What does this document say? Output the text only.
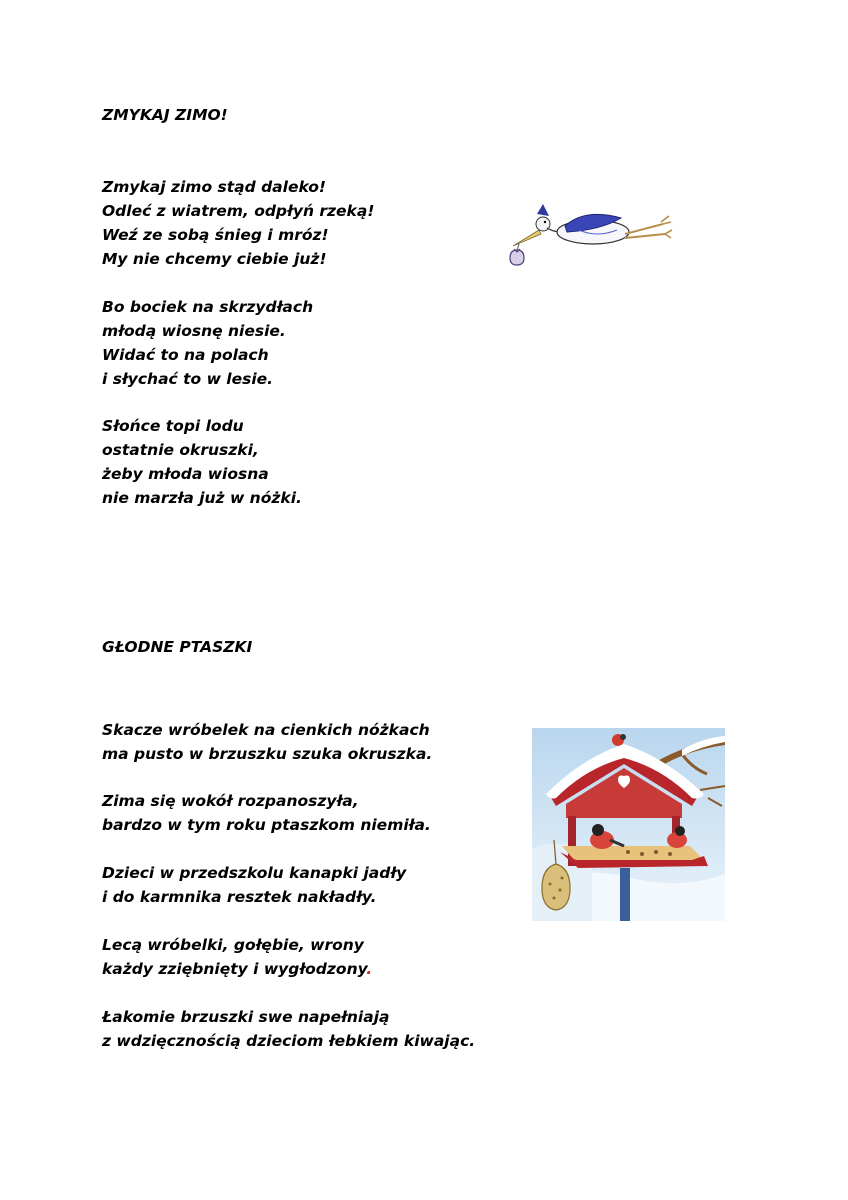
ZMYKAJ ZIMO!
Zmykaj zimo stąd daleko!
Odleć z wiatrem, odpłyń rzeką!
Weź ze sobą śnieg i mróz!
My nie chcemy ciebie już!
Bo bociek na skrzydłach
młodą wiosnę niesie.
Widać to na polach
i słychać to w lesie.
Słońce topi lodu
ostatnie okruszki,
żeby młoda wiosna
nie marzła już w nóżki.
GŁODNE PTASZKI
Skacze wróbelek na cienkich nóżkach
ma pusto w brzuszku szuka okruszka.
Zima się wokół rozpanoszyła,
bardzo w tym roku ptaszkom niemiła.
Dzieci w przedszkolu kanapki jadły
i do karmnika resztek nakładły.
Lecą wróbelki, gołębie, wrony
każdy zziębnięty i wygłodzony.
Łakomie brzuszki swe napełniają
z wdzięcznością dzieciom łebkiem kiwając.
